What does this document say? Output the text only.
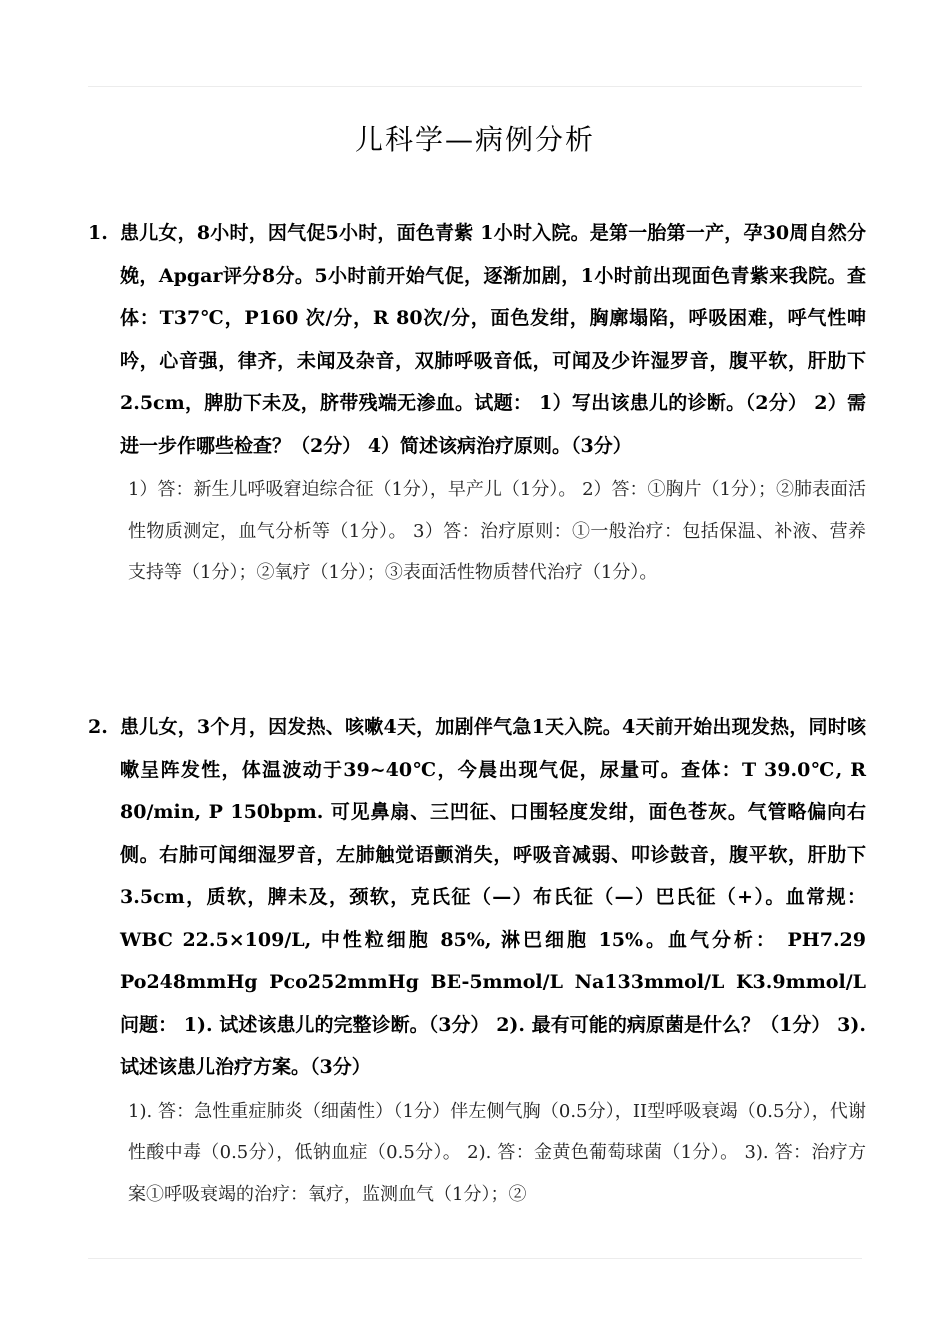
儿科学—病例分析
1. 患儿女，8小时，因气促5小时，面色青紫 1小时入院。是第一胎第一产，孕30周自然分娩，Apgar评分8分。5小时前开始气促，逐渐加剧，1小时前出现面色青紫来我院。查体：T37℃，P160 次/分，R 80次/分，面色发绀，胸廓塌陷，呼吸困难，呼气性呻吟，心音强，律齐，未闻及杂音，双肺呼吸音低，可闻及少许湿罗音，腹平软，肝肋下2.5cm，脾肋下未及，脐带残端无渗血。试题： 1）写出该患儿的诊断。（2分） 2）需进一步作哪些检查？（2分） 4）简述该病治疗原则。（3分）
1）答：新生儿呼吸窘迫综合征（1分），早产儿（1分）。 2）答：①胸片（1分）；②肺表面活性物质测定，血气分析等（1分）。 3）答：治疗原则：①一般治疗：包括保温、补液、营养支持等（1分）；②氧疗（1分）；③表面活性物质替代治疗（1分）。
2. 患儿女，3个月，因发热、咳嗽4天，加剧伴气急1天入院。4天前开始出现发热，同时咳嗽呈阵发性，体温波动于39~40℃，今晨出现气促，尿量可。查体：T 39.0℃, R 80/min, P 150bpm. 可见鼻扇、三凹征、口围轻度发绀，面色苍灰。气管略偏向右侧。右肺可闻细湿罗音，左肺触觉语颤消失，呼吸音减弱、叩诊鼓音，腹平软，肝肋下3.5cm，质软，脾未及，颈软，克氏征（—）布氏征（—）巴氏征（+）。血常规： WBC 22.5×109/L, 中性粒细胞 85%, 淋巴细胞 15%。血气分析： PH7.29 Po248mmHg Pco252mmHg BE-5mmol/L Na133mmol/L K3.9mmol/L 问题： 1). 试述该患儿的完整诊断。（3分） 2). 最有可能的病原菌是什么？（1分） 3). 试述该患儿治疗方案。（3分）
1). 答：急性重症肺炎（细菌性）（1分）伴左侧气胸（0.5分），II型呼吸衰竭（0.5分），代谢性酸中毒（0.5分），低钠血症（0.5分）。 2). 答：金黄色葡萄球菌（1分）。 3). 答：治疗方案①呼吸衰竭的治疗：氧疗，监测血气（1分）；②
